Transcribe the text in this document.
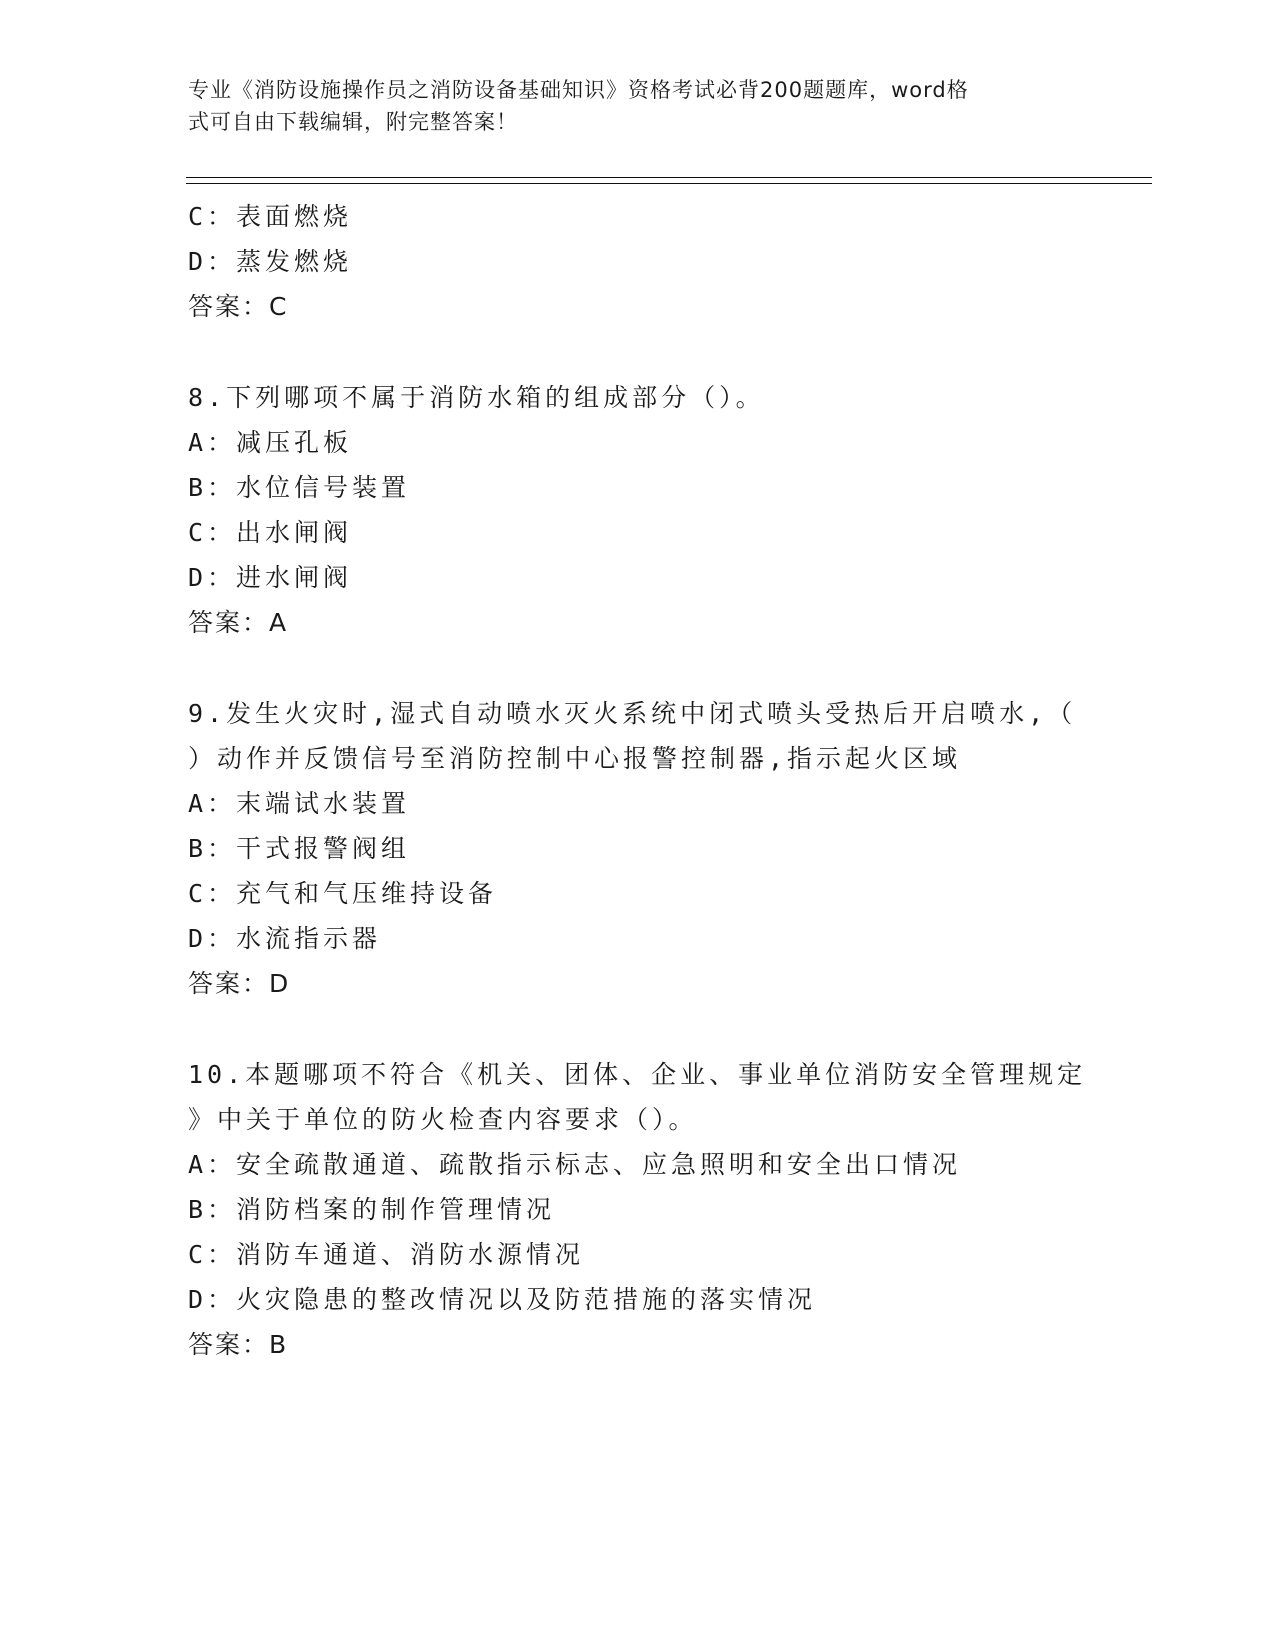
专业《消防设施操作员之消防设备基础知识》资格考试必背200题题库，word格
式可自由下载编辑，附完整答案！

C：表面燃烧

D：蒸发燃烧

答案：C

8.下列哪项不属于消防水箱的组成部分（）。

A：减压孔板

B：水位信号装置

C：出水闸阀

D：进水闸阀

答案：A

9.发生火灾时,湿式自动喷水灭火系统中闭式喷头受热后开启喷水,（

）动作并反馈信号至消防控制中心报警控制器,指示起火区域

A：末端试水装置

B：干式报警阀组

C：充气和气压维持设备

D：水流指示器

答案：D

10.本题哪项不符合《机关、团体、企业、事业单位消防安全管理规定

》中关于单位的防火检查内容要求（）。

A：安全疏散通道、疏散指示标志、应急照明和安全出口情况

B：消防档案的制作管理情况

C：消防车通道、消防水源情况

D：火灾隐患的整改情况以及防范措施的落实情况

答案：B
